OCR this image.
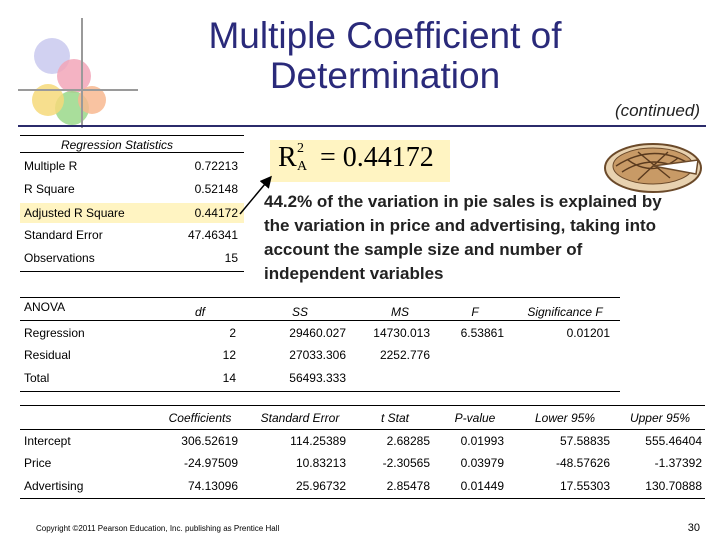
Multiple Coefficient of
Determination
(continued)
Regression Statistics
Multiple R	0.72213
R Square	0.52148
Adjusted R Square	0.44172
Standard Error	47.46341
Observations	15
R 2
A = 0.44172
44.2% of the variation in pie sales is explained by the variation in price and advertising, taking into account the sample size and number of independent variables
ANOVA	df	SS	MS	F	Significance F
Regression	2	29460.027	14730.013	6.53861	0.01201
Residual	12	27033.306	2252.776
Total	14	56493.333
Coefficients	Standard Error	t Stat	P-value	Lower 95%	Upper 95%
Intercept	306.52619	114.25389	2.68285	0.01993	57.58835	555.46404
Price	-24.97509	10.83213	-2.30565	0.03979	-48.57626	-1.37392
Advertising	74.13096	25.96732	2.85478	0.01449	17.55303	130.70888
Copyright ©2011 Pearson Education, Inc. publishing as Prentice Hall	30
